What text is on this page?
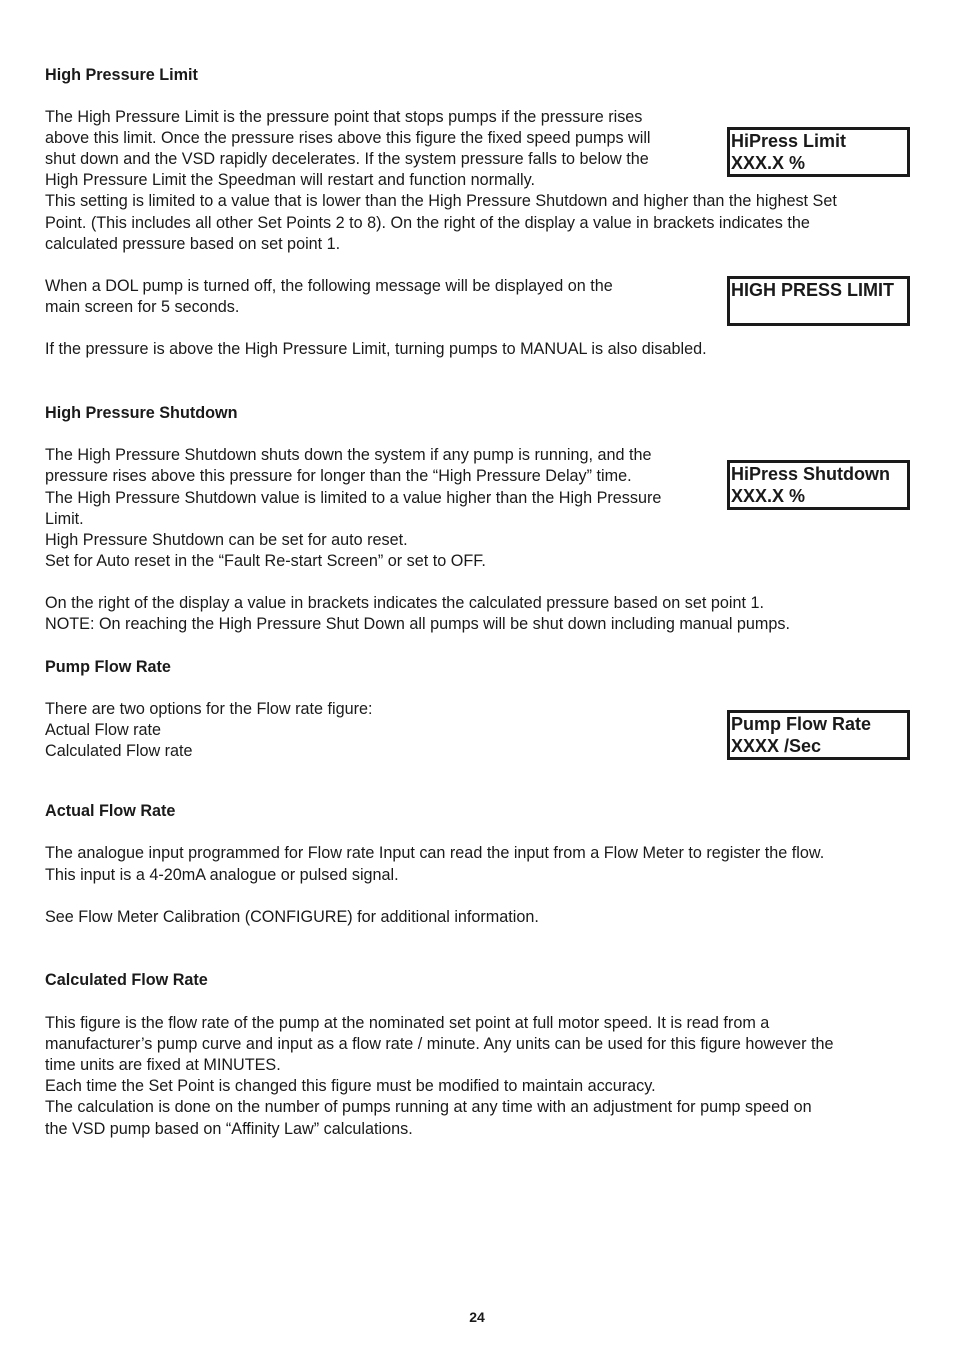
High Pressure Limit

The High Pressure Limit is the pressure point that stops pumps if the pressure rises

above this limit. Once the pressure rises above this figure the fixed speed pumps will

shut down and the VSD rapidly decelerates. If the system pressure falls to below the

High Pressure Limit the Speedman will restart and function normally.

This setting is limited to a value that is lower than the High Pressure Shutdown and higher than the highest Set

Point. (This includes all other Set Points 2 to 8). On the right of the display a value in brackets indicates the

calculated pressure based on set point 1.

When a DOL pump is turned off, the following message will be displayed on the

main screen for 5 seconds.

If the pressure is above the High Pressure Limit, turning pumps to MANUAL is also disabled.

HiPress Limit
XXX.X %
HIGH PRESS LIMIT

High Pressure Shutdown

The High Pressure Shutdown shuts down the system if any pump is running, and the

pressure rises above this pressure for longer than the “High Pressure Delay” time.

The High Pressure Shutdown value is limited to a value higher than the High Pressure

Limit.

High Pressure Shutdown can be set for auto reset.

Set for Auto reset in the “Fault Re-start Screen” or set to OFF.

On the right of the display a value in brackets indicates the calculated pressure based on set point 1.

NOTE: On reaching the High Pressure Shut Down all pumps will be shut down including manual pumps.

HiPress Shutdown
XXX.X %

Pump Flow Rate

There are two options for the Flow rate figure:

Actual Flow rate

Calculated Flow rate

Pump Flow Rate
XXXX /Sec

Actual Flow Rate

The analogue input programmed for Flow rate Input can read the input from a Flow Meter to register the flow.

This input is a 4-20mA analogue or pulsed signal.

See Flow Meter Calibration (CONFIGURE) for additional information.

Calculated Flow Rate

This figure is the flow rate of the pump at the nominated set point at full motor speed. It is read from a

manufacturer’s pump curve and input as a flow rate / minute. Any units can be used for this figure however the

time units are fixed at MINUTES.

Each time the Set Point is changed this figure must be modified to maintain accuracy.

The calculation is done on the number of pumps running at any time with an adjustment for pump speed on

the VSD pump based on “Affinity Law” calculations.

24
